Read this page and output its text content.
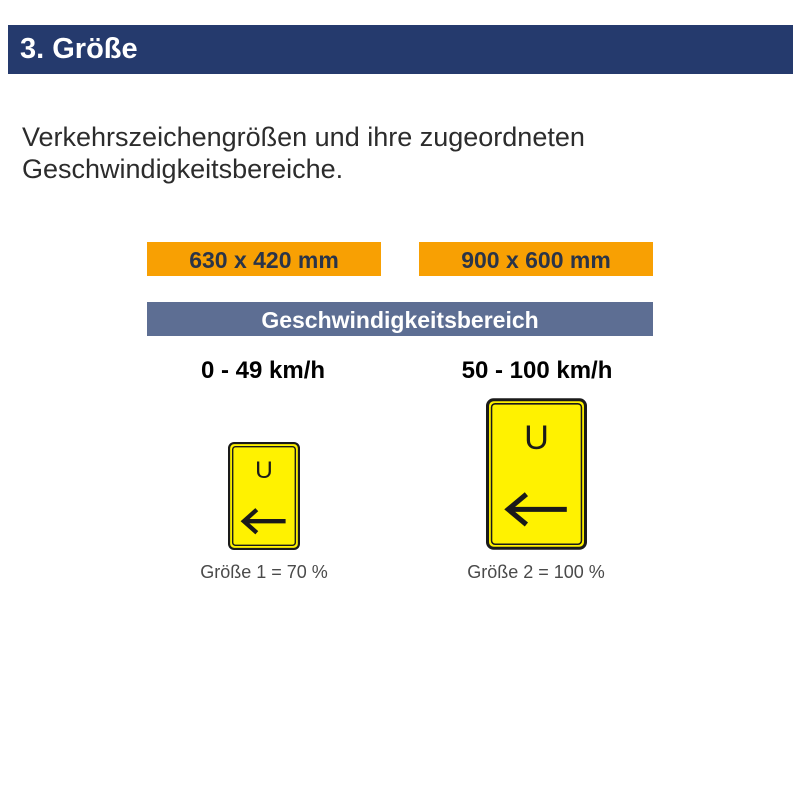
3. Größe
Verkehrszeichengrößen und ihre zugeordneten Geschwindigkeitsbereiche.
630 x 420 mm	900 x 600 mm
Geschwindigkeitsbereich
0 - 49 km/h	50 - 100 km/h
U
U
Größe 1 = 70 %	Größe 2 = 100 %
